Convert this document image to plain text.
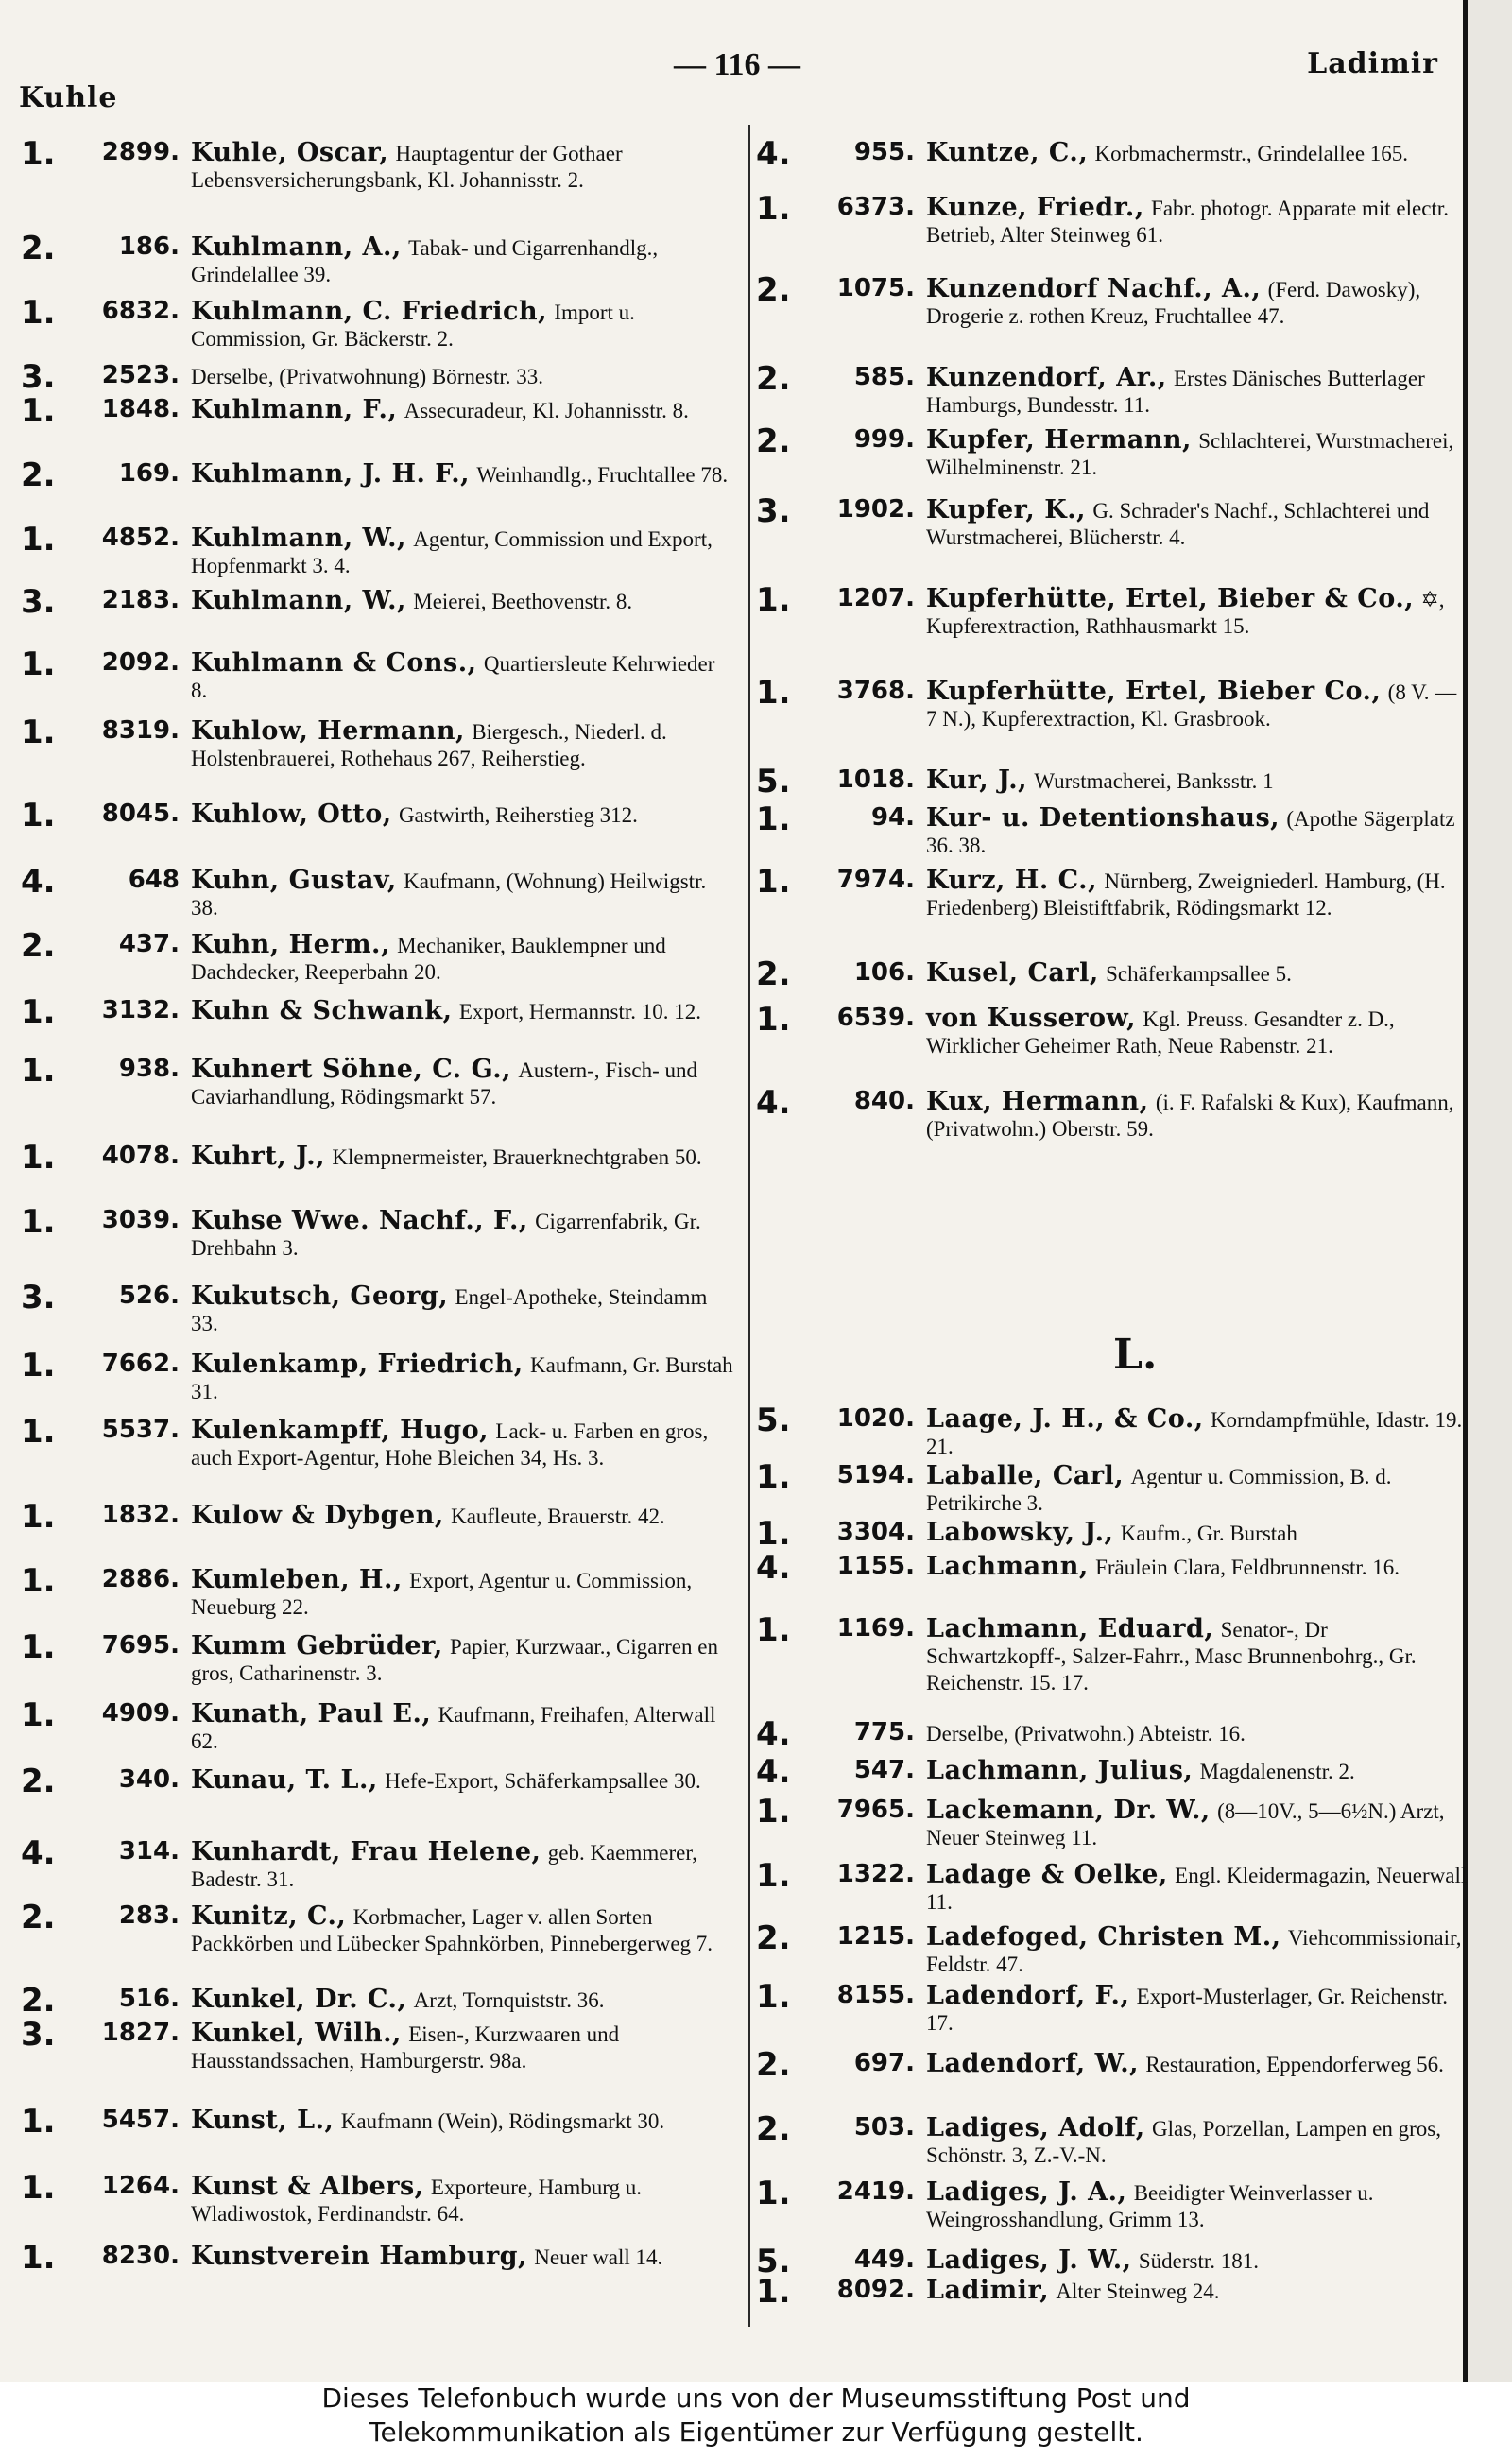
Kuhle
— 116 —	Ladimir
1.	2899. Kuhle, Oscar, Hauptagentur der Gothaer Lebensversicherungsbank, Kl. Johannisstr. 2.
2.	186. Kuhlmann, A., Tabak- und Cigarrenhandlg., Grindelallee 39.
1.	6832. Kuhlmann, C. Friedrich, Import u. Commission, Gr. Bäckerstr. 2.
3.	2523. Derselbe, (Privatwohnung) Börnestr. 33.
1.	1848. Kuhlmann, F., Assecuradeur, Kl. Johannisstr. 8.
2.	169. Kuhlmann, J. H. F., Weinhandlg., Fruchtallee 78.
1.	4852. Kuhlmann, W., Agentur, Commission und Export, Hopfenmarkt 3. 4.
3.	2183. Kuhlmann, W., Meierei, Beethovenstr. 8.
1.	2092. Kuhlmann & Cons., Quartiersleute Kehrwieder 8.
1.	8319. Kuhlow, Hermann, Biergesch., Niederl. d. Holstenbrauerei, Rothehaus 267, Reiherstieg.
1.	8045. Kuhlow, Otto, Gastwirth, Reiherstieg 312.
4.	648 Kuhn, Gustav, Kaufmann, (Wohnung) Heilwigstr. 38.
2.	437. Kuhn, Herm., Mechaniker, Bauklempner und Dachdecker, Reeperbahn 20.
1.	3132. Kuhn & Schwank, Export, Hermannstr. 10. 12.
1.	938. Kuhnert Söhne, C. G., Austern-, Fisch- und Caviarhandlung, Rödingsmarkt 57.
1.	4078. Kuhrt, J., Klempnermeister, Brauerknechtgraben 50.
1.	3039. Kuhse Wwe. Nachf., F., Cigarrenfabrik, Gr. Drehbahn 3.
3.	526. Kukutsch, Georg, Engel-Apotheke, Steindamm 33.
1.	7662. Kulenkamp, Friedrich, Kaufmann, Gr. Burstah 31.
1.	5537. Kulenkampff, Hugo, Lack- u. Farben en gros, auch Export-Agentur, Hohe Bleichen 34, Hs. 3.
1.	1832. Kulow & Dybgen, Kaufleute, Brauerstr. 42.
1.	2886. Kumleben, H., Export, Agentur u. Commission, Neueburg 22.
1.	7695. Kumm Gebrüder, Papier, Kurzwaar., Cigarren en gros, Catharinenstr. 3.
1.	4909. Kunath, Paul E., Kaufmann, Freihafen, Alterwall 62.
2.	340. Kunau, T. L., Hefe-Export, Schäferkampsallee 30.
4.	314. Kunhardt, Frau Helene, geb. Kaemmerer, Badestr. 31.
2.	283. Kunitz, C., Korbmacher, Lager v. allen Sorten Packkörben und Lübecker Spahnkörben, Pinnebergerweg 7.
2.	516. Kunkel, Dr. C., Arzt, Tornquiststr. 36.
3.	1827. Kunkel, Wilh., Eisen-, Kurzwaaren und Hausstandssachen, Hamburgerstr. 98a.
1.	5457. Kunst, L., Kaufmann (Wein), Rödingsmarkt 30.
1.	1264. Kunst & Albers, Exporteure, Hamburg u. Wladiwostok, Ferdinandstr. 64.
1.	8230. Kunstverein Hamburg, Neuer wall 14.
4.	955. Kuntze, C., Korbmachermstr., Grindelallee 165.
1.	6373. Kunze, Friedr., Fabr. photogr. Apparate mit electr. Betrieb, Alter Steinweg 61.
2.	1075. Kunzendorf Nachf., A., (Ferd. Dawosky), Drogerie z. rothen Kreuz, Fruchtallee 47.
2.	585. Kunzendorf, Ar., Erstes Dänisches Butterlager Hamburgs, Bundesstr. 11.
2.	999. Kupfer, Hermann, Schlachterei, Wurstmacherei, Wilhelminenstr. 21.
3.	1902. Kupfer, K., G. Schrader's Nachf., Schlachterei und Wurstmacherei, Blücherstr. 4.
1.	1207. Kupferhütte, Ertel, Bieber & Co., ✡, Kupferextraction, Rathhausmarkt 15.
1.	3768. Kupferhütte, Ertel, Bieber Co., (8 V. — 7 N.), Kupferextraction, Kl. Grasbrook.
5.	1018. Kur, J., Wurstmacherei, Banksstr. 1
1.	94. Kur- u. Detentionshaus, (Apothe Sägerplatz 36. 38.
1.	7974. Kurz, H. C., Nürnberg, Zweigniederl. Hamburg, (H. Friedenberg) Bleistiftfabrik, Rödingsmarkt 12.
2.	106. Kusel, Carl, Schäferkampsallee 5.
1.	6539. von Kusserow, Kgl. Preuss. Gesandter z. D., Wirklicher Geheimer Rath, Neue Rabenstr. 21.
4.	840. Kux, Hermann, (i. F. Rafalski & Kux), Kaufmann, (Privatwohn.) Oberstr. 59.
5.	1020. Laage, J. H., & Co., Korndampfmühle, Idastr. 19. 21.
1.	5194. Laballe, Carl, Agentur u. Commission, B. d. Petrikirche 3.
1.	3304. Labowsky, J., Kaufm., Gr. Burstah
4.	1155. Lachmann, Fräulein Clara, Feldbrunnenstr. 16.
1.	1169. Lachmann, Eduard, Senator-, Dr Schwartzkopff-, Salzer-Fahrr., Masc Brunnenbohrg., Gr. Reichenstr. 15. 17.
4.	775. Derselbe, (Privatwohn.) Abteistr. 16.
4.	547. Lachmann, Julius, Magdalenenstr. 2.
1.	7965. Lackemann, Dr. W., (8—10V., 5—6½N.) Arzt, Neuer Steinweg 11.
1.	1322. Ladage & Oelke, Engl. Kleidermagazin, Neuerwall 11.
2.	1215. Ladefoged, Christen M., Viehcommissionair, Feldstr. 47.
1.	8155. Ladendorf, F., Export-Musterlager, Gr. Reichenstr. 17.
2.	697. Ladendorf, W., Restauration, Eppendorferweg 56.
2.	503. Ladiges, Adolf, Glas, Porzellan, Lampen en gros, Schönstr. 3, Z.-V.-N.
1.	2419. Ladiges, J. A., Beeidigter Weinverlasser u. Weingrosshandlung, Grimm 13.
5.	449. Ladiges, J. W., Süderstr. 181.
1.	8092. Ladimir, Alter Steinweg 24.
L.
Dieses Telefonbuch wurde uns von der Museumsstiftung Post und
Telekommunikation als Eigentümer zur Verfügung gestellt.
